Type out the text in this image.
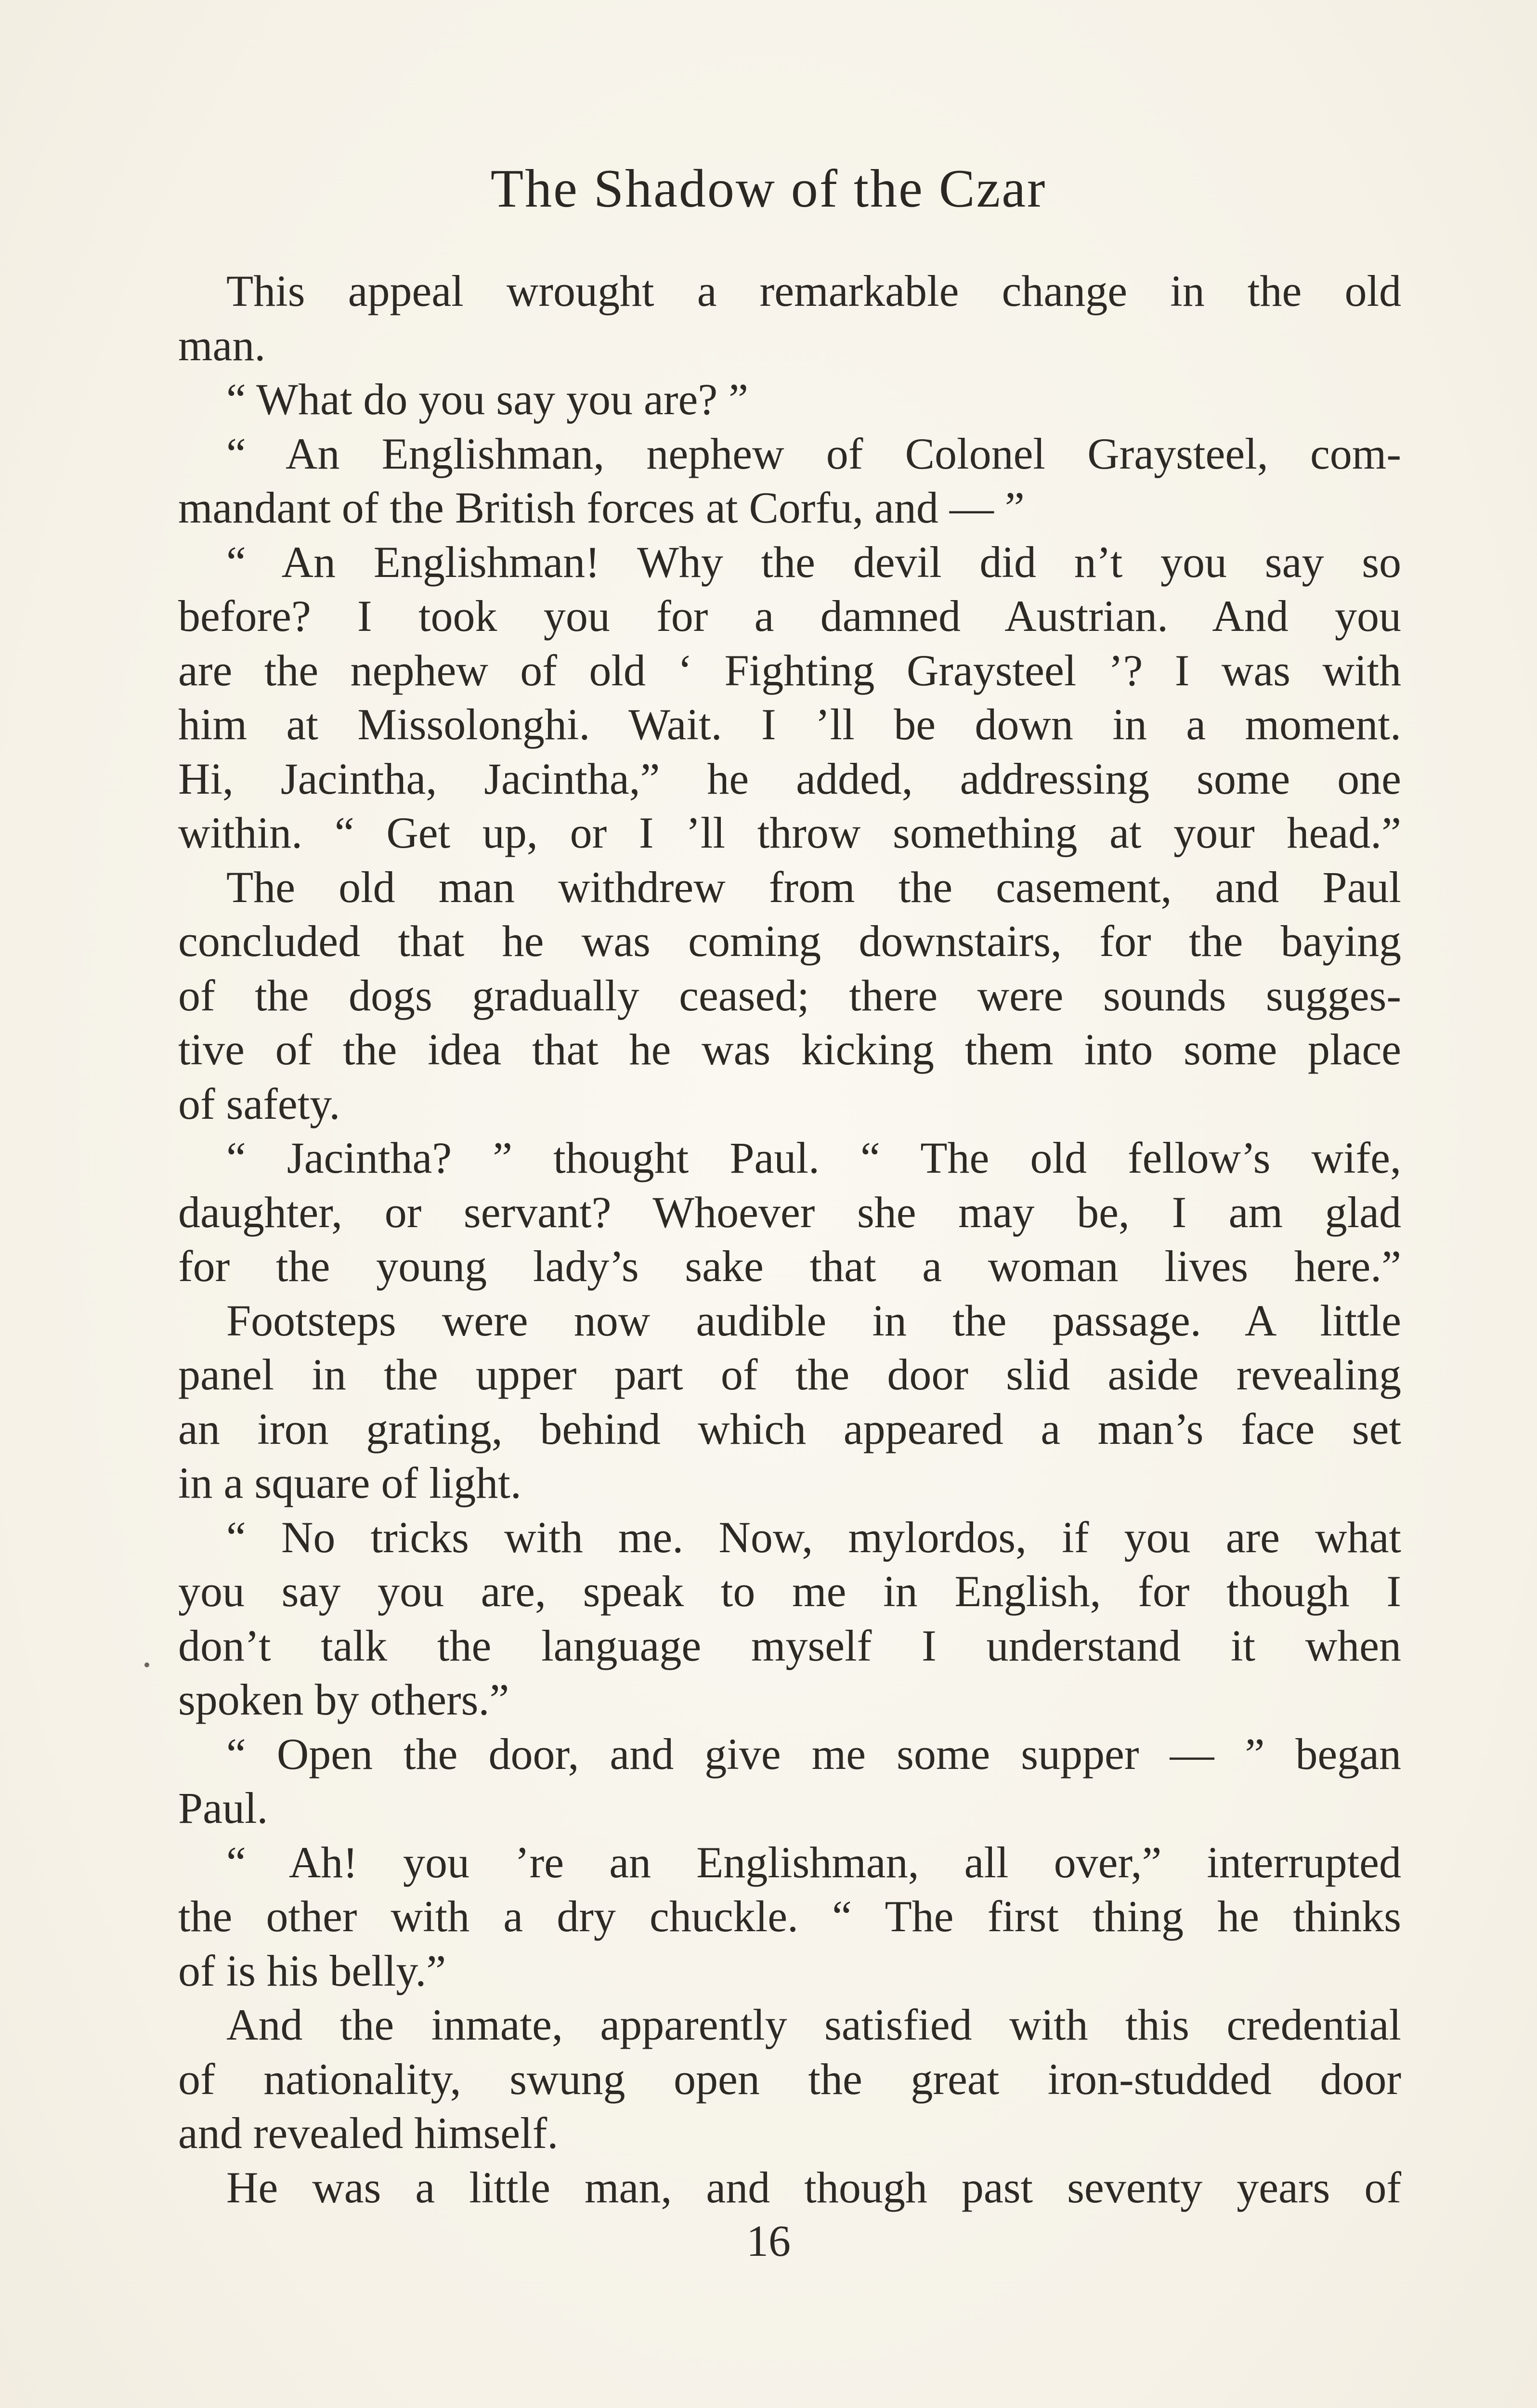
The Shadow of the Czar
This appeal wrought a remarkable change in the old
man.
“ What do you say you are? ”
“ An Englishman, nephew of Colonel Graysteel, com-
mandant of the British forces at Corfu, and — ”
“ An Englishman! Why the devil did n’t you say so
before? I took you for a damned Austrian. And you
are the nephew of old ‘ Fighting Graysteel ’? I was with
him at Missolonghi. Wait. I ’ll be down in a moment.
Hi, Jacintha, Jacintha,” he added, addressing some one
within. “ Get up, or I ’ll throw something at your head.”
The old man withdrew from the casement, and Paul
concluded that he was coming downstairs, for the baying
of the dogs gradually ceased; there were sounds sugges-
tive of the idea that he was kicking them into some place
of safety.
“ Jacintha? ” thought Paul. “ The old fellow’s wife,
daughter, or servant? Whoever she may be, I am glad
for the young lady’s sake that a woman lives here.”
Footsteps were now audible in the passage. A little
panel in the upper part of the door slid aside revealing
an iron grating, behind which appeared a man’s face set
in a square of light.
“ No tricks with me. Now, mylordos, if you are what
you say you are, speak to me in English, for though I
don’t talk the language myself I understand it when
spoken by others.”
“ Open the door, and give me some supper — ” began
Paul.
“ Ah! you ’re an Englishman, all over,” interrupted
the other with a dry chuckle. “ The first thing he thinks
of is his belly.”
And the inmate, apparently satisfied with this credential
of nationality, swung open the great iron-studded door
and revealed himself.
He was a little man, and though past seventy years of
16
